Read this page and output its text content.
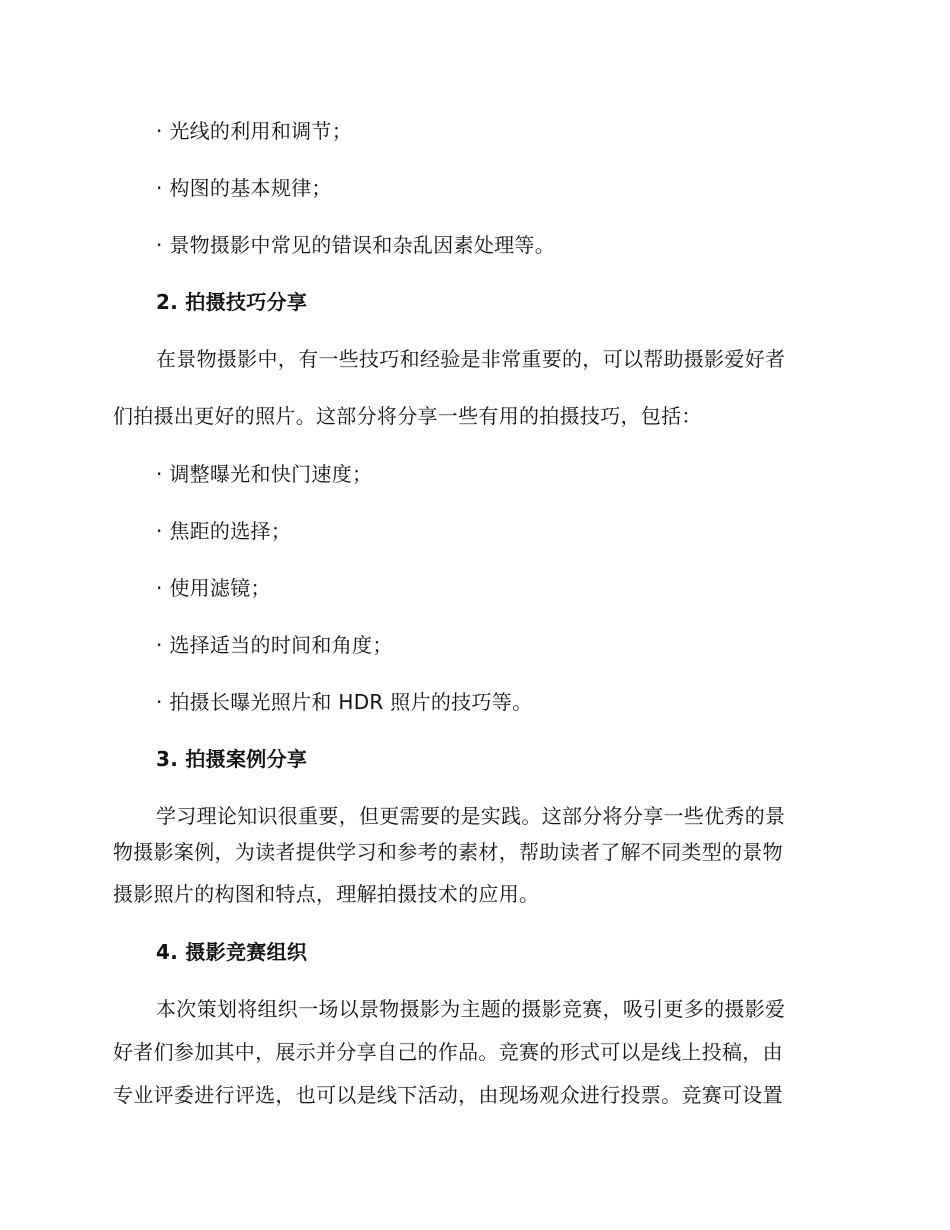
· 光线的利用和调节；
· 构图的基本规律；
· 景物摄影中常见的错误和杂乱因素处理等。
2. 拍摄技巧分享
在景物摄影中，有一些技巧和经验是非常重要的，可以帮助摄影爱好者
们拍摄出更好的照片。这部分将分享一些有用的拍摄技巧，包括：
· 调整曝光和快门速度；
· 焦距的选择；
· 使用滤镜；
· 选择适当的时间和角度；
· 拍摄长曝光照片和 HDR 照片的技巧等。
3. 拍摄案例分享
学习理论知识很重要，但更需要的是实践。这部分将分享一些优秀的景
物摄影案例，为读者提供学习和参考的素材，帮助读者了解不同类型的景物
摄影照片的构图和特点，理解拍摄技术的应用。
4. 摄影竞赛组织
本次策划将组织一场以景物摄影为主题的摄影竞赛，吸引更多的摄影爱
好者们参加其中，展示并分享自己的作品。竞赛的形式可以是线上投稿，由
专业评委进行评选，也可以是线下活动，由现场观众进行投票。竞赛可设置
